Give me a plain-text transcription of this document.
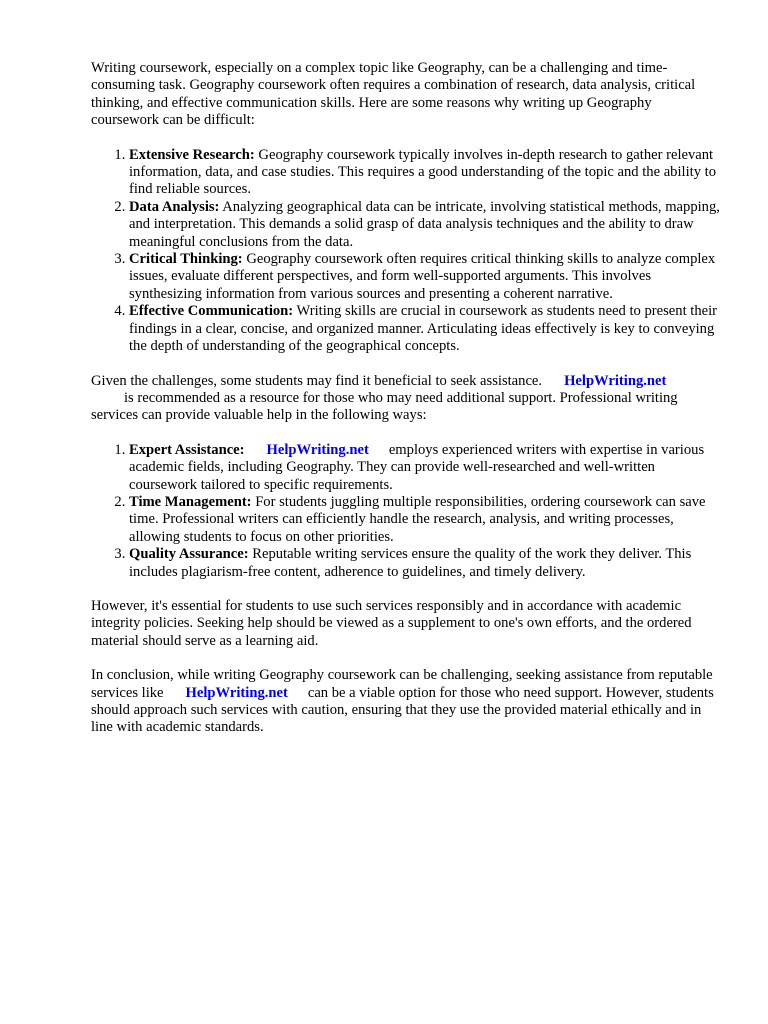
Writing coursework, especially on a complex topic like Geography, can be a challenging and time-consuming task. Geography coursework often requires a combination of research, data analysis, critical thinking, and effective communication skills. Here are some reasons why writing up Geography coursework can be difficult:

1. Extensive Research: Geography coursework typically involves in-depth research to gather relevant information, data, and case studies. This requires a good understanding of the topic and the ability to find reliable sources.
2. Data Analysis: Analyzing geographical data can be intricate, involving statistical methods, mapping, and interpretation. This demands a solid grasp of data analysis techniques and the ability to draw meaningful conclusions from the data.
3. Critical Thinking: Geography coursework often requires critical thinking skills to analyze complex issues, evaluate different perspectives, and form well-supported arguments. This involves synthesizing information from various sources and presenting a coherent narrative.
4. Effective Communication: Writing skills are crucial in coursework as students need to present their findings in a clear, concise, and organized manner. Articulating ideas effectively is key to conveying the depth of understanding of the geographical concepts.

Given the challenges, some students may find it beneficial to seek assistance. HelpWriting.net
is recommended as a resource for those who may need additional support. Professional writing services can provide valuable help in the following ways:

1. Expert Assistance: HelpWriting.net employs experienced writers with expertise in various academic fields, including Geography. They can provide well-researched and well-written coursework tailored to specific requirements.
2. Time Management: For students juggling multiple responsibilities, ordering coursework can save time. Professional writers can efficiently handle the research, analysis, and writing processes, allowing students to focus on other priorities.
3. Quality Assurance: Reputable writing services ensure the quality of the work they deliver. This includes plagiarism-free content, adherence to guidelines, and timely delivery.

However, it's essential for students to use such services responsibly and in accordance with academic integrity policies. Seeking help should be viewed as a supplement to one's own efforts, and the ordered material should serve as a learning aid.

In conclusion, while writing Geography coursework can be challenging, seeking assistance from reputable services like HelpWriting.net can be a viable option for those who need support. However, students should approach such services with caution, ensuring that they use the provided material ethically and in line with academic standards.
